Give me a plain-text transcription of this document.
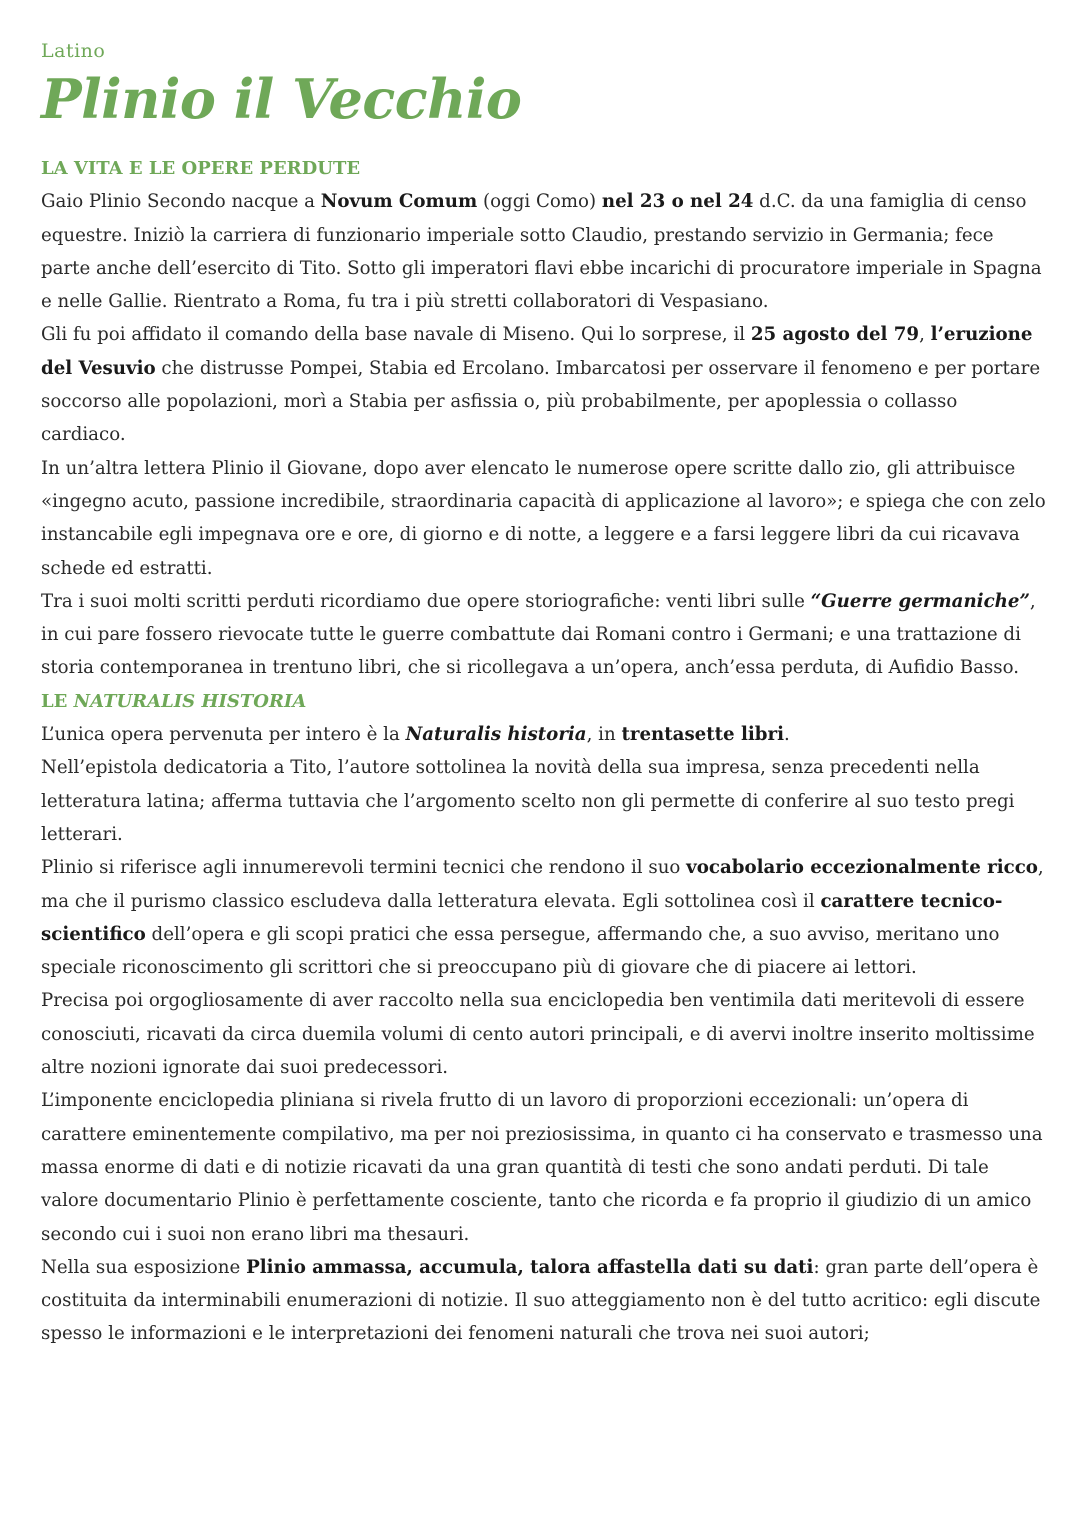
Latino
Plinio il Vecchio
LA VITA E LE OPERE PERDUTE

Gaio Plinio Secondo nacque a Novum Comum (oggi Como) nel 23 o nel 24 d.C. da una famiglia di censo equestre. Iniziò la carriera di funzionario imperiale sotto Claudio, prestando servizio in Germania; fece parte anche dell’esercito di Tito. Sotto gli imperatori flavi ebbe incarichi di procuratore imperiale in Spagna e nelle Gallie. Rientrato a Roma, fu tra i più stretti collaboratori di Vespasiano.

Gli fu poi affidato il comando della base navale di Miseno. Qui lo sorprese, il 25 agosto del 79, l’eruzione del Vesuvio che distrusse Pompei, Stabia ed Ercolano. Imbarcatosi per osservare il fenomeno e per portare soccorso alle popolazioni, morì a Stabia per asfissia o, più probabilmente, per apoplessia o collasso cardiaco.

In un’altra lettera Plinio il Giovane, dopo aver elencato le numerose opere scritte dallo zio, gli attribuisce «ingegno acuto, passione incredibile, straordinaria capacità di applicazione al lavoro»; e spiega che con zelo instancabile egli impegnava ore e ore, di giorno e di notte, a leggere e a farsi leggere libri da cui ricavava schede ed estratti.

Tra i suoi molti scritti perduti ricordiamo due opere storiografiche: venti libri sulle “Guerre germaniche”, in cui pare fossero rievocate tutte le guerre combattute dai Romani contro i Germani; e una trattazione di storia contemporanea in trentuno libri, che si ricollegava a un’opera, anch’essa perduta, di Aufidio Basso.

LE NATURALIS HISTORIA

L’unica opera pervenuta per intero è la Naturalis historia, in trentasette libri.

Nell’epistola dedicatoria a Tito, l’autore sottolinea la novità della sua impresa, senza precedenti nella letteratura latina; afferma tuttavia che l’argomento scelto non gli permette di conferire al suo testo pregi letterari.

Plinio si riferisce agli innumerevoli termini tecnici che rendono il suo vocabolario eccezionalmente ricco, ma che il purismo classico escludeva dalla letteratura elevata. Egli sottolinea così il carattere tecnico-scientifico dell’opera e gli scopi pratici che essa persegue, affermando che, a suo avviso, meritano uno speciale riconoscimento gli scrittori che si preoccupano più di giovare che di piacere ai lettori.

Precisa poi orgogliosamente di aver raccolto nella sua enciclopedia ben ventimila dati meritevoli di essere conosciuti, ricavati da circa duemila volumi di cento autori principali, e di avervi inoltre inserito moltissime altre nozioni ignorate dai suoi predecessori.

L’imponente enciclopedia pliniana si rivela frutto di un lavoro di proporzioni eccezionali: un’opera di carattere eminentemente compilativo, ma per noi preziosissima, in quanto ci ha conservato e trasmesso una massa enorme di dati e di notizie ricavati da una gran quantità di testi che sono andati perduti. Di tale valore documentario Plinio è perfettamente cosciente, tanto che ricorda e fa proprio il giudizio di un amico secondo cui i suoi non erano libri ma thesauri.

Nella sua esposizione Plinio ammassa, accumula, talora affastella dati su dati: gran parte dell’opera è costituita da interminabili enumerazioni di notizie. Il suo atteggiamento non è del tutto acritico: egli discute spesso le informazioni e le interpretazioni dei fenomeni naturali che trova nei suoi autori;
